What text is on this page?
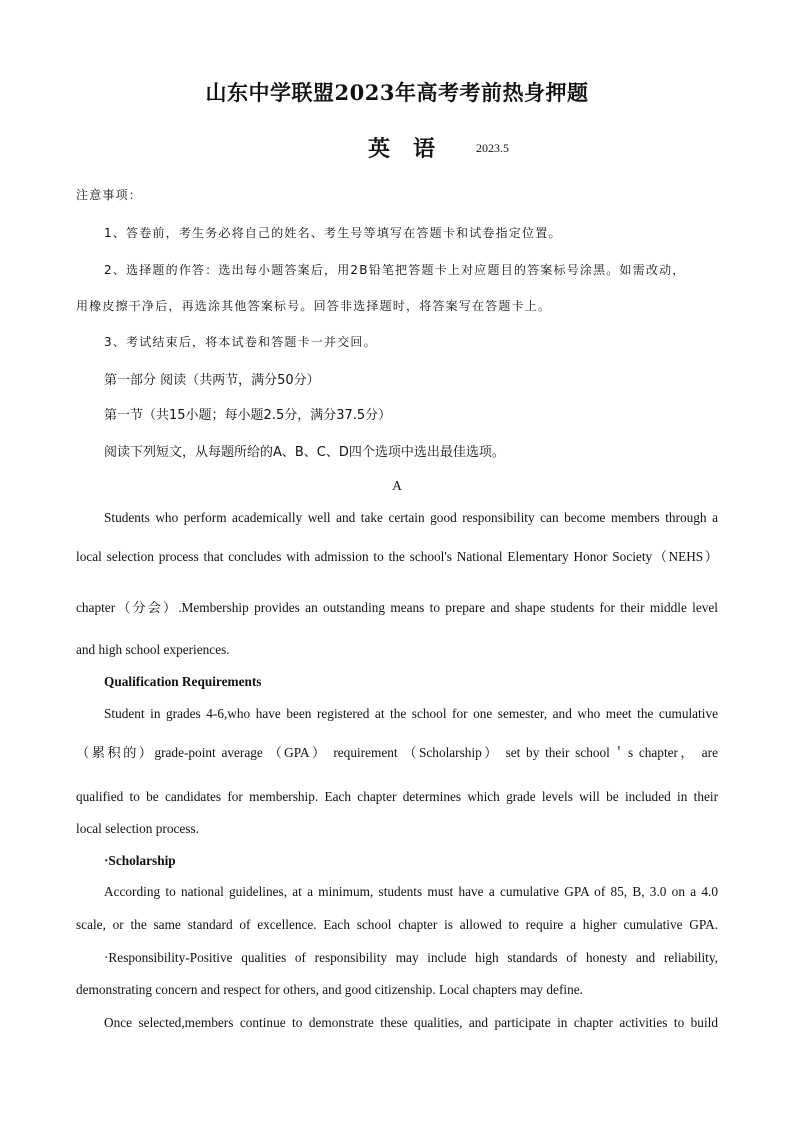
山东中学联盟2023年高考考前热身押题
英 语	2023.5
注意事项：
1、答卷前，考生务必将自己的姓名、考生号等填写在答题卡和试卷指定位置。
2、选择题的作答：选出每小题答案后，用2B铅笔把答题卡上对应题目的答案标号涂黑。如需改动，
用橡皮擦干净后，再选涂其他答案标号。回答非选择题时，将答案写在答题卡上。
3、考试结束后，将本试卷和答题卡一并交回。
第一部分 阅读（共两节，满分50分）
第一节（共15小题；每小题2.5分，满分37.5分）
阅读下列短文，从每题所给的A、B、C、D四个选项中选出最佳选项。
A
Students who perform academically well and take certain good responsibility can become members through a
local selection process that concludes with admission to the school's National Elementary Honor Society（NEHS）
chapter（分会）.Membership provides an outstanding means to prepare and shape students for their middle level
and high school experiences.
Qualification Requirements
Student in grades 4-6,who have been registered at the school for one semester, and who meet the cumulative
（累积的）grade-point average （GPA） requirement （Scholarship） set by their school＇s chapter， are
qualified to be candidates for membership. Each chapter determines which grade levels will be included in their
local selection process.
·Scholarship
According to national guidelines, at a minimum, students must have a cumulative GPA of 85, B, 3.0 on a 4.0
scale, or the same standard of excellence. Each school chapter is allowed to require a higher cumulative GPA.
·Responsibility-Positive qualities of responsibility may include high standards of honesty and reliability,
demonstrating concern and respect for others, and good citizenship. Local chapters may define.
Once selected,members continue to demonstrate these qualities, and participate in chapter activities to build
